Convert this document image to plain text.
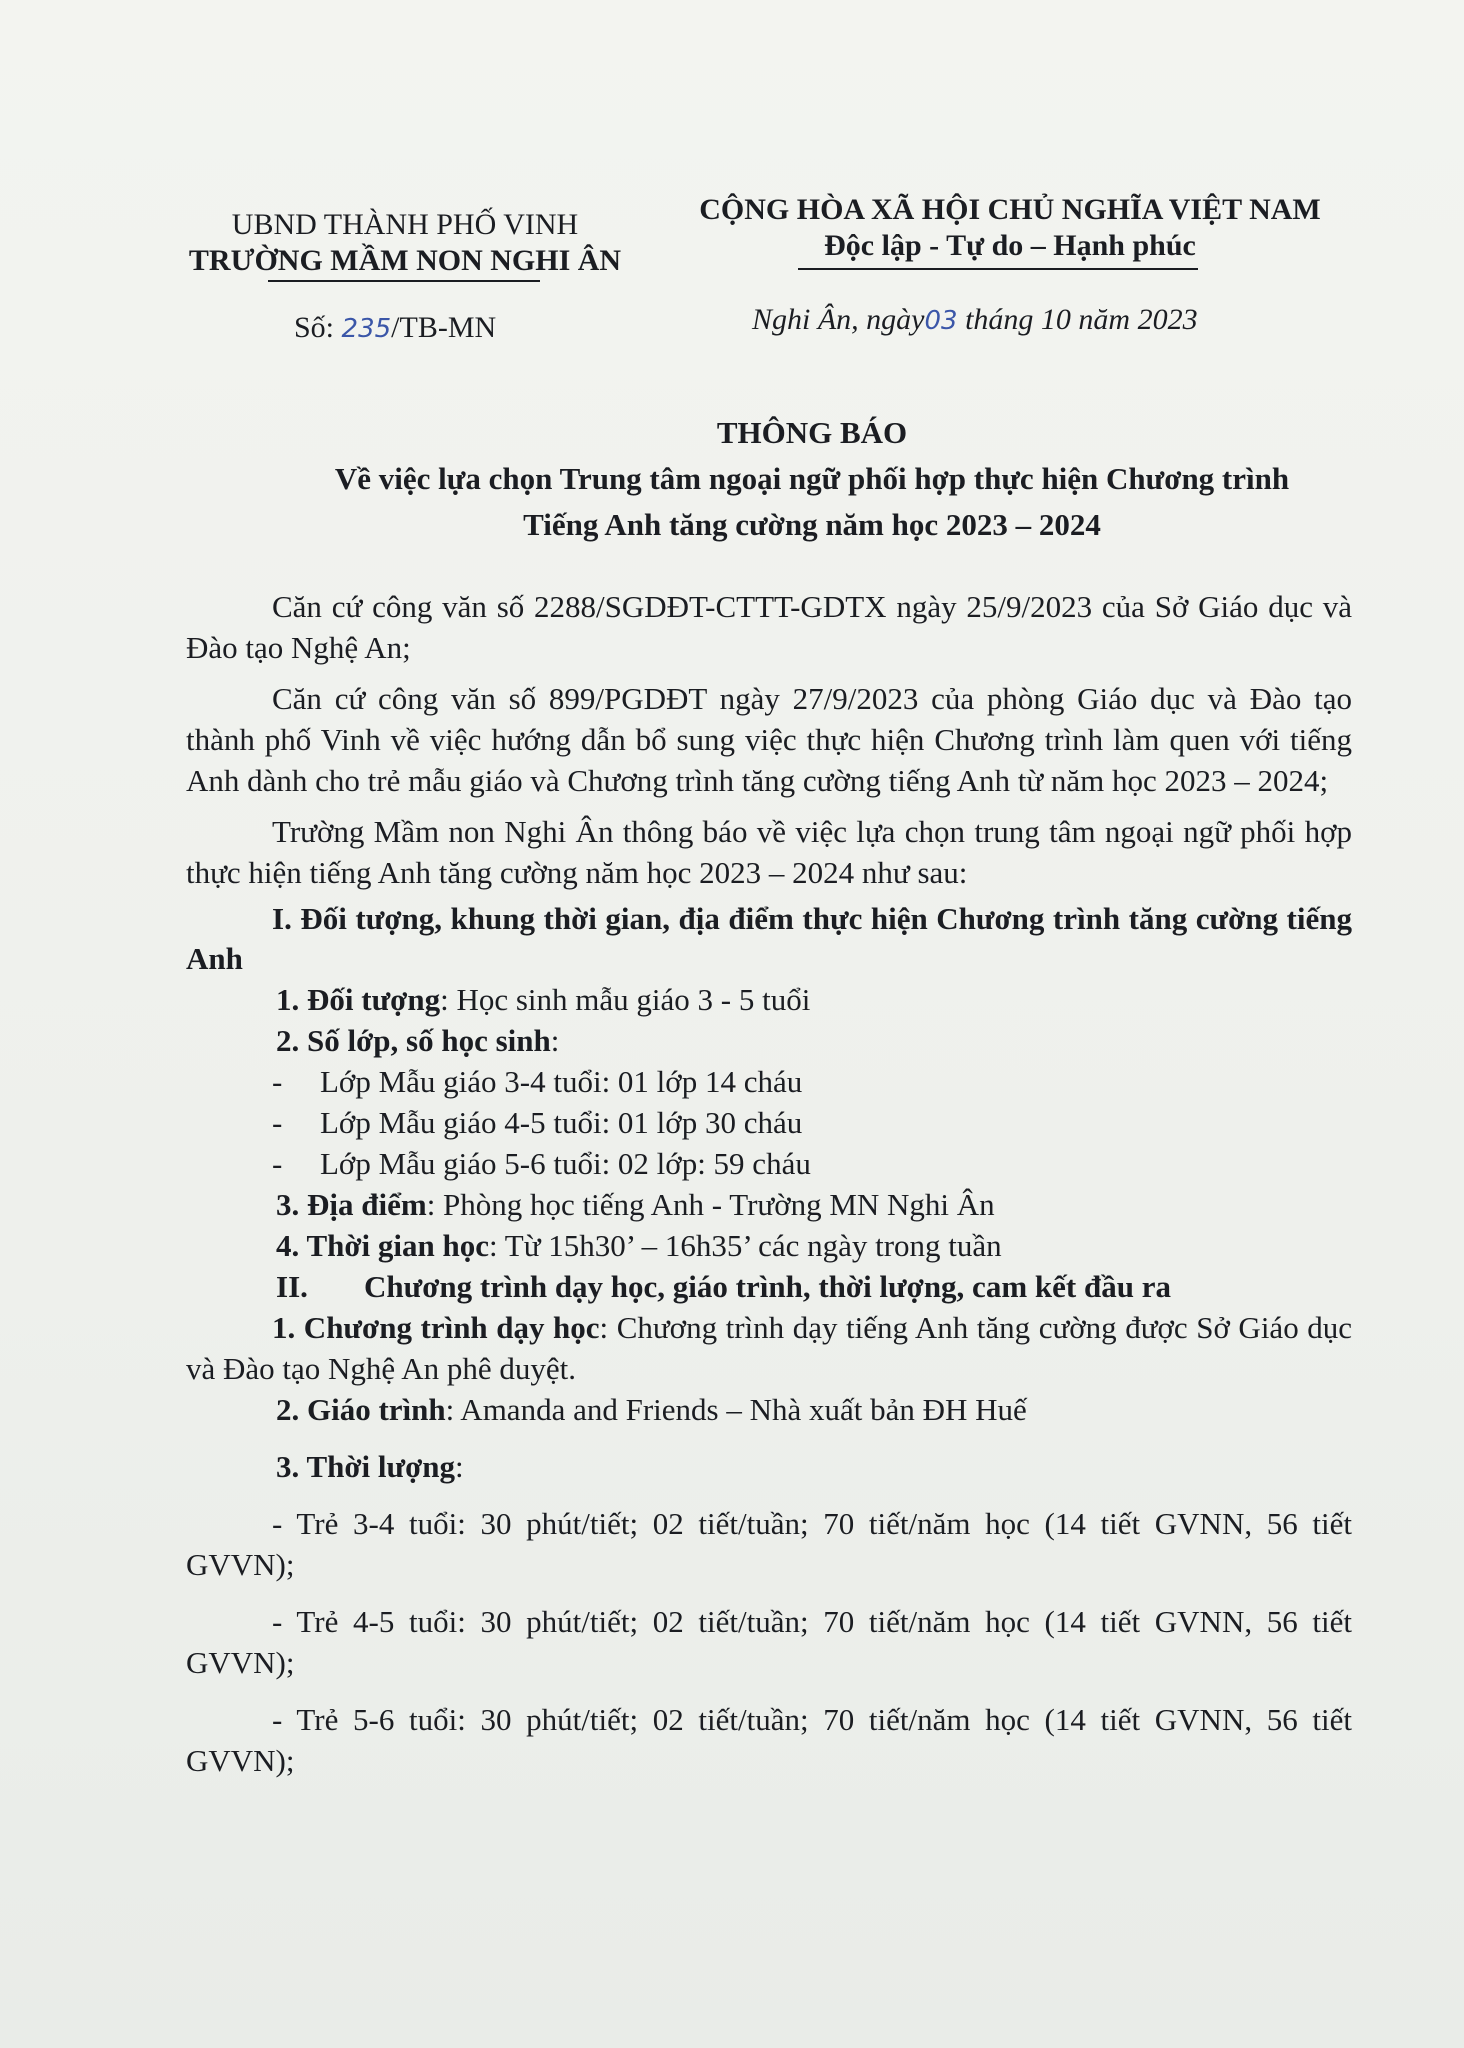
UBND THÀNH PHỐ VINH
TRƯỜNG MẦM NON NGHI ÂN
CỘNG HÒA XÃ HỘI CHỦ NGHĨA VIỆT NAM
Độc lập - Tự do – Hạnh phúc
Số: 235/TB-MN	Nghi Ân, ngày03 tháng 10 năm 2023
THÔNG BÁO
Về việc lựa chọn Trung tâm ngoại ngữ phối hợp thực hiện Chương trình
Tiếng Anh tăng cường năm học 2023 – 2024

Căn cứ công văn số 2288/SGDĐT-CTTT-GDTX ngày 25/9/2023 của Sở Giáo dục và Đào tạo Nghệ An;

Căn cứ công văn số 899/PGDĐT ngày 27/9/2023 của phòng Giáo dục và Đào tạo thành phố Vinh về việc hướng dẫn bổ sung việc thực hiện Chương trình làm quen với tiếng Anh dành cho trẻ mẫu giáo và Chương trình tăng cường tiếng Anh từ năm học 2023 – 2024;

Trường Mầm non Nghi Ân thông báo về việc lựa chọn trung tâm ngoại ngữ phối hợp thực hiện tiếng Anh tăng cường năm học 2023 – 2024 như sau:

I. Đối tượng, khung thời gian, địa điểm thực hiện Chương trình tăng cường tiếng Anh

1. Đối tượng: Học sinh mẫu giáo 3 - 5 tuổi

2. Số lớp, số học sinh:

- Lớp Mẫu giáo 3-4 tuổi: 01 lớp 14 cháu

- Lớp Mẫu giáo 4-5 tuổi: 01 lớp 30 cháu

- Lớp Mẫu giáo 5-6 tuổi: 02 lớp: 59 cháu

3. Địa điểm: Phòng học tiếng Anh - Trường MN Nghi Ân

4. Thời gian học: Từ 15h30’ – 16h35’ các ngày trong tuần

II. Chương trình dạy học, giáo trình, thời lượng, cam kết đầu ra

1. Chương trình dạy học: Chương trình dạy tiếng Anh tăng cường được Sở Giáo dục và Đào tạo Nghệ An phê duyệt.

2. Giáo trình: Amanda and Friends – Nhà xuất bản ĐH Huế

3. Thời lượng:

- Trẻ 3-4 tuổi: 30 phút/tiết; 02 tiết/tuần; 70 tiết/năm học (14 tiết GVNN, 56 tiết GVVN);

- Trẻ 4-5 tuổi: 30 phút/tiết; 02 tiết/tuần; 70 tiết/năm học (14 tiết GVNN, 56 tiết GVVN);

- Trẻ 5-6 tuổi: 30 phút/tiết; 02 tiết/tuần; 70 tiết/năm học (14 tiết GVNN, 56 tiết GVVN);
